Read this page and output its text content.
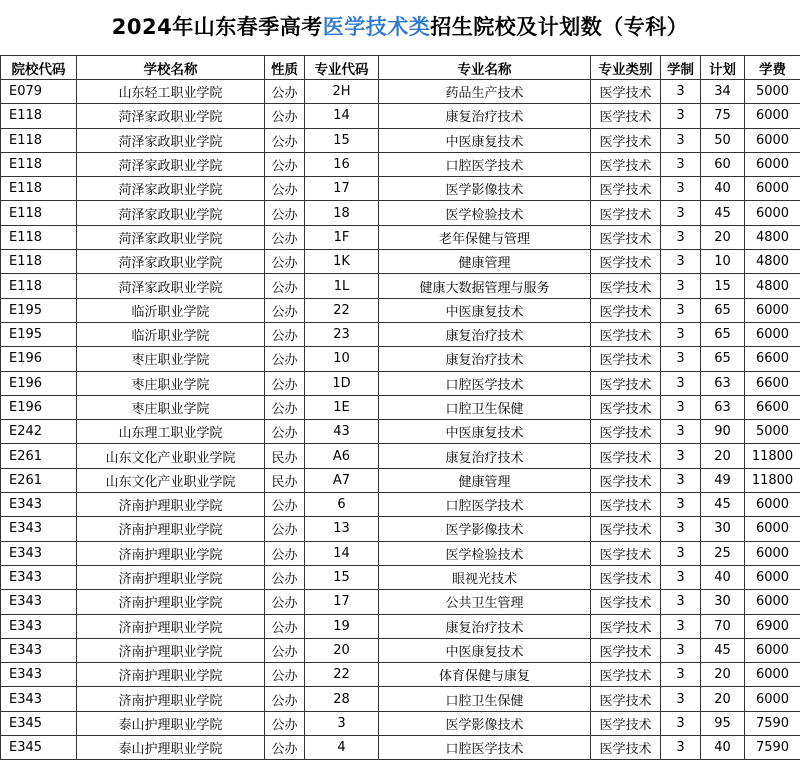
2024年山东春季高考医学技术类招生院校及计划数（专科）
院校代码	学校名称	性质	专业代码	专业名称	专业类别	学制	计划	学费
E079	山东轻工职业学院	公办	2H	药品生产技术	医学技术	3	34	5000
E118	菏泽家政职业学院	公办	14	康复治疗技术	医学技术	3	75	6000
E118	菏泽家政职业学院	公办	15	中医康复技术	医学技术	3	50	6000
E118	菏泽家政职业学院	公办	16	口腔医学技术	医学技术	3	60	6000
E118	菏泽家政职业学院	公办	17	医学影像技术	医学技术	3	40	6000
E118	菏泽家政职业学院	公办	18	医学检验技术	医学技术	3	45	6000
E118	菏泽家政职业学院	公办	1F	老年保健与管理	医学技术	3	20	4800
E118	菏泽家政职业学院	公办	1K	健康管理	医学技术	3	10	4800
E118	菏泽家政职业学院	公办	1L	健康大数据管理与服务	医学技术	3	15	4800
E195	临沂职业学院	公办	22	中医康复技术	医学技术	3	65	6000
E195	临沂职业学院	公办	23	康复治疗技术	医学技术	3	65	6000
E196	枣庄职业学院	公办	10	康复治疗技术	医学技术	3	65	6600
E196	枣庄职业学院	公办	1D	口腔医学技术	医学技术	3	63	6600
E196	枣庄职业学院	公办	1E	口腔卫生保健	医学技术	3	63	6600
E242	山东理工职业学院	公办	43	中医康复技术	医学技术	3	90	5000
E261	山东文化产业职业学院	民办	A6	康复治疗技术	医学技术	3	20	11800
E261	山东文化产业职业学院	民办	A7	健康管理	医学技术	3	49	11800
E343	济南护理职业学院	公办	6	口腔医学技术	医学技术	3	45	6000
E343	济南护理职业学院	公办	13	医学影像技术	医学技术	3	30	6000
E343	济南护理职业学院	公办	14	医学检验技术	医学技术	3	25	6000
E343	济南护理职业学院	公办	15	眼视光技术	医学技术	3	40	6000
E343	济南护理职业学院	公办	17	公共卫生管理	医学技术	3	30	6000
E343	济南护理职业学院	公办	19	康复治疗技术	医学技术	3	70	6900
E343	济南护理职业学院	公办	20	中医康复技术	医学技术	3	45	6000
E343	济南护理职业学院	公办	22	体育保健与康复	医学技术	3	20	6000
E343	济南护理职业学院	公办	28	口腔卫生保健	医学技术	3	20	6000
E345	泰山护理职业学院	公办	3	医学影像技术	医学技术	3	95	7590
E345	泰山护理职业学院	公办	4	口腔医学技术	医学技术	3	40	7590
